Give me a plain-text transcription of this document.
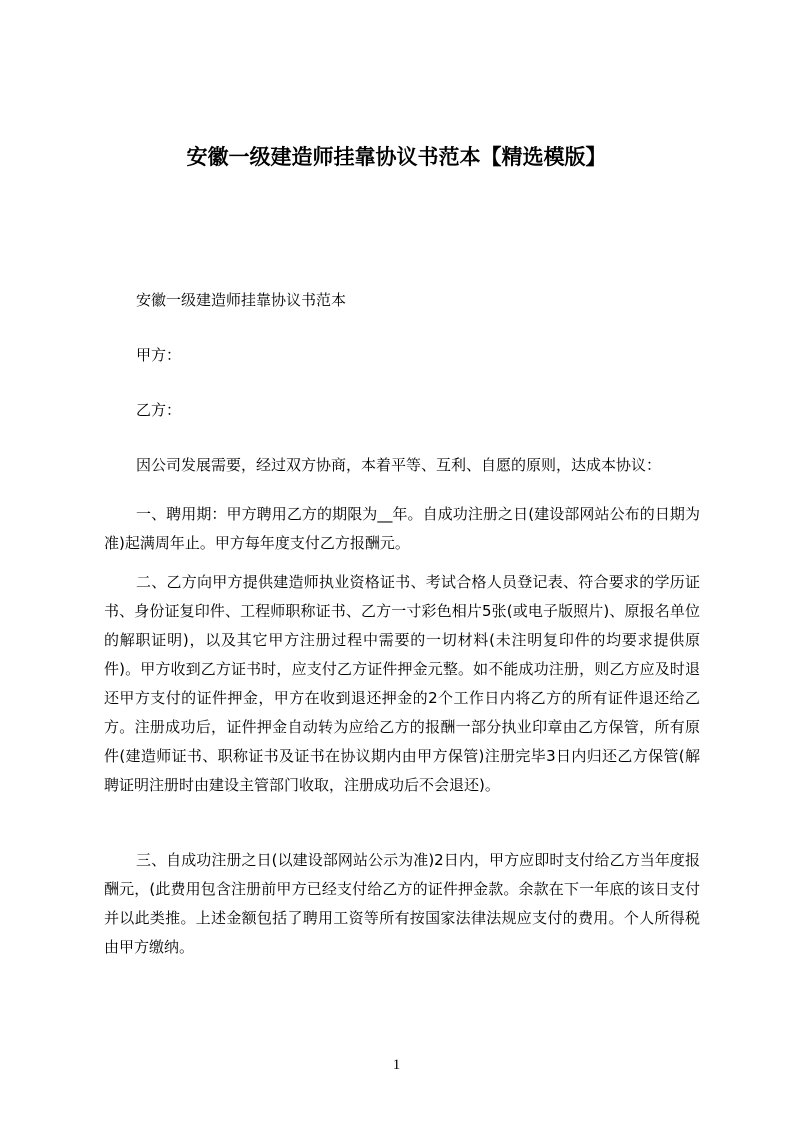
安徽一级建造师挂靠协议书范本【精选模版】
安徽一级建造师挂靠协议书范本
甲方：
乙方：
因公司发展需要，经过双方协商，本着平等、互利、自愿的原则，达成本协议：
一、聘用期：甲方聘用乙方的期限为__年。自成功注册之日(建设部网站公布的日期为准)起满周年止。甲方每年度支付乙方报酬元。
二、乙方向甲方提供建造师执业资格证书、考试合格人员登记表、符合要求的学历证书、身份证复印件、工程师职称证书、乙方一寸彩色相片5张(或电子版照片)、原报名单位的解职证明)，以及其它甲方注册过程中需要的一切材料(未注明复印件的均要求提供原件)。甲方收到乙方证书时，应支付乙方证件押金元整。如不能成功注册，则乙方应及时退还甲方支付的证件押金，甲方在收到退还押金的2个工作日内将乙方的所有证件退还给乙方。注册成功后，证件押金自动转为应给乙方的报酬一部分执业印章由乙方保管，所有原件(建造师证书、职称证书及证书在协议期内由甲方保管)注册完毕3日内归还乙方保管(解聘证明注册时由建设主管部门收取，注册成功后不会退还)。
三、自成功注册之日(以建设部网站公示为准)2日内，甲方应即时支付给乙方当年度报酬元，(此费用包含注册前甲方已经支付给乙方的证件押金款。余款在下一年底的该日支付并以此类推。上述金额包括了聘用工资等所有按国家法律法规应支付的费用。个人所得税由甲方缴纳。
1
